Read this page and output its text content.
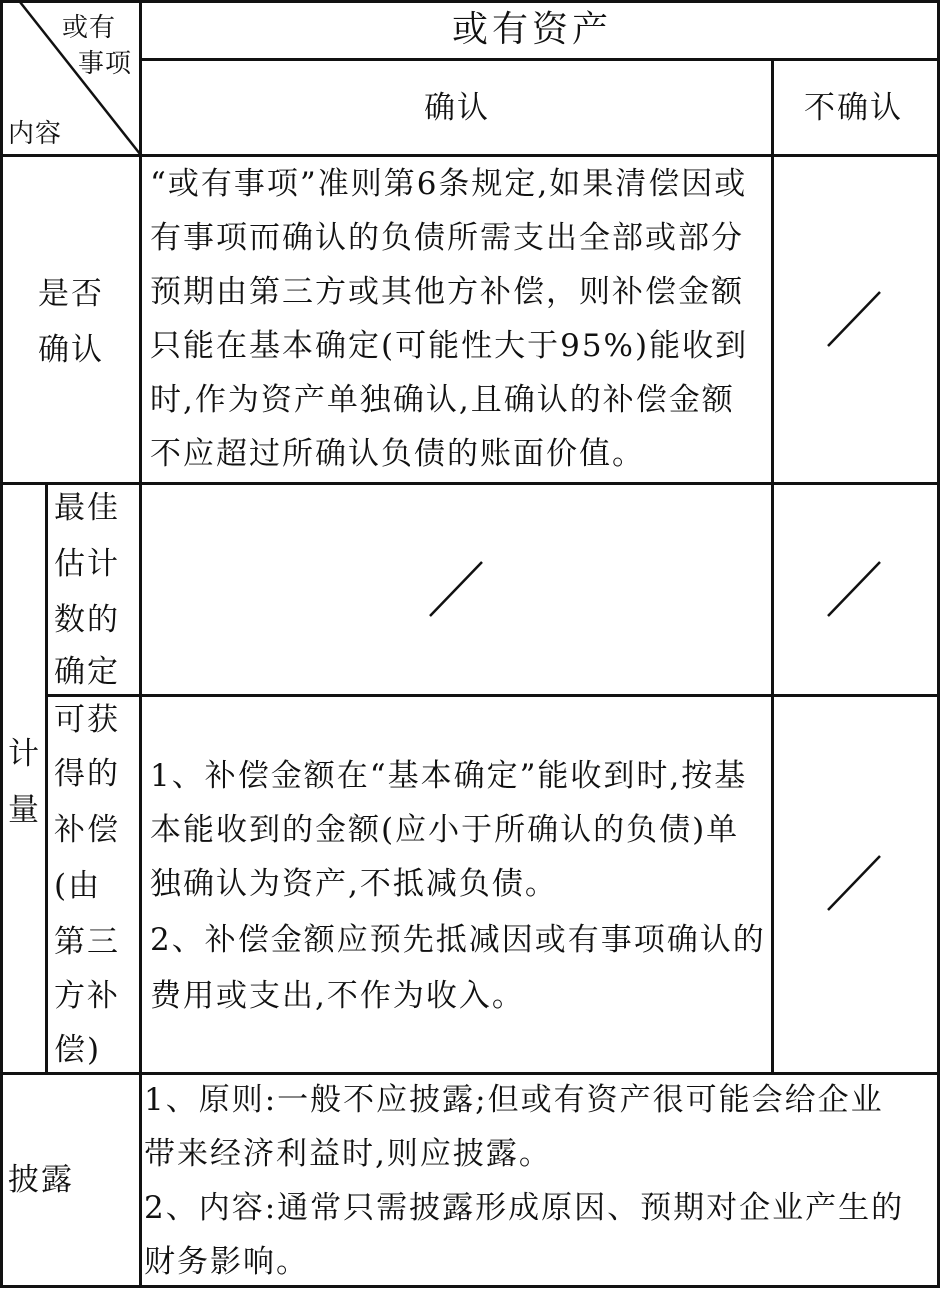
或有
事项
内容
或有资产
确认	不确认
是否
确认
“或有事项”准则第6条规定,如果清偿因或
有事项而确认的负债所需支出全部或部分
预期由第三方或其他方补偿，则补偿金额
只能在基本确定(可能性大于95%)能收到
时,作为资产单独确认,且确认的补偿金额
不应超过所确认负债的账面价值。
计
量
最佳
估计
数的
确定
可获
得的
补偿
(由
第三
方补
偿)
1、补偿金额在“基本确定”能收到时,按基
本能收到的金额(应小于所确认的负债)单
独确认为资产,不抵减负债。
2、补偿金额应预先抵减因或有事项确认的
费用或支出,不作为收入。
披露
1、原则:一般不应披露;但或有资产很可能会给企业
带来经济利益时,则应披露。
2、内容:通常只需披露形成原因、预期对企业产生的
财务影响。
